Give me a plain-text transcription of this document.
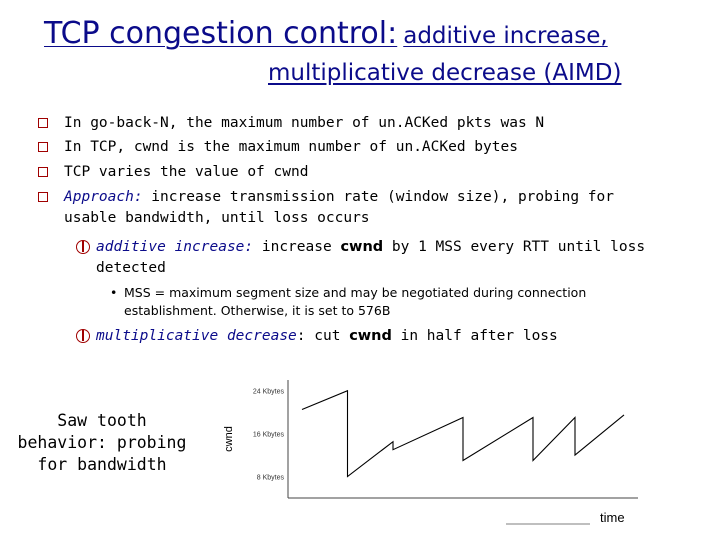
TCP congestion control: additive increase,
multiplicative decrease (AIMD)
In go-back-N, the maximum number of un.ACKed pkts was N
In TCP, cwnd is the maximum number of un.ACKed bytes
TCP varies the value of cwnd
Approach: increase transmission rate (window size), probing for usable bandwidth, until loss occurs
additive increase: increase cwnd by 1 MSS every RTT until loss detected
• MSS = maximum segment size and may be negotiated during connection establishment. Otherwise, it is set to 576B
multiplicative decrease: cut cwnd in half after loss
Saw tooth behavior: probing for bandwidth
24 Kbytes
16 Kbytes
8 Kbytes
cwnd
time
